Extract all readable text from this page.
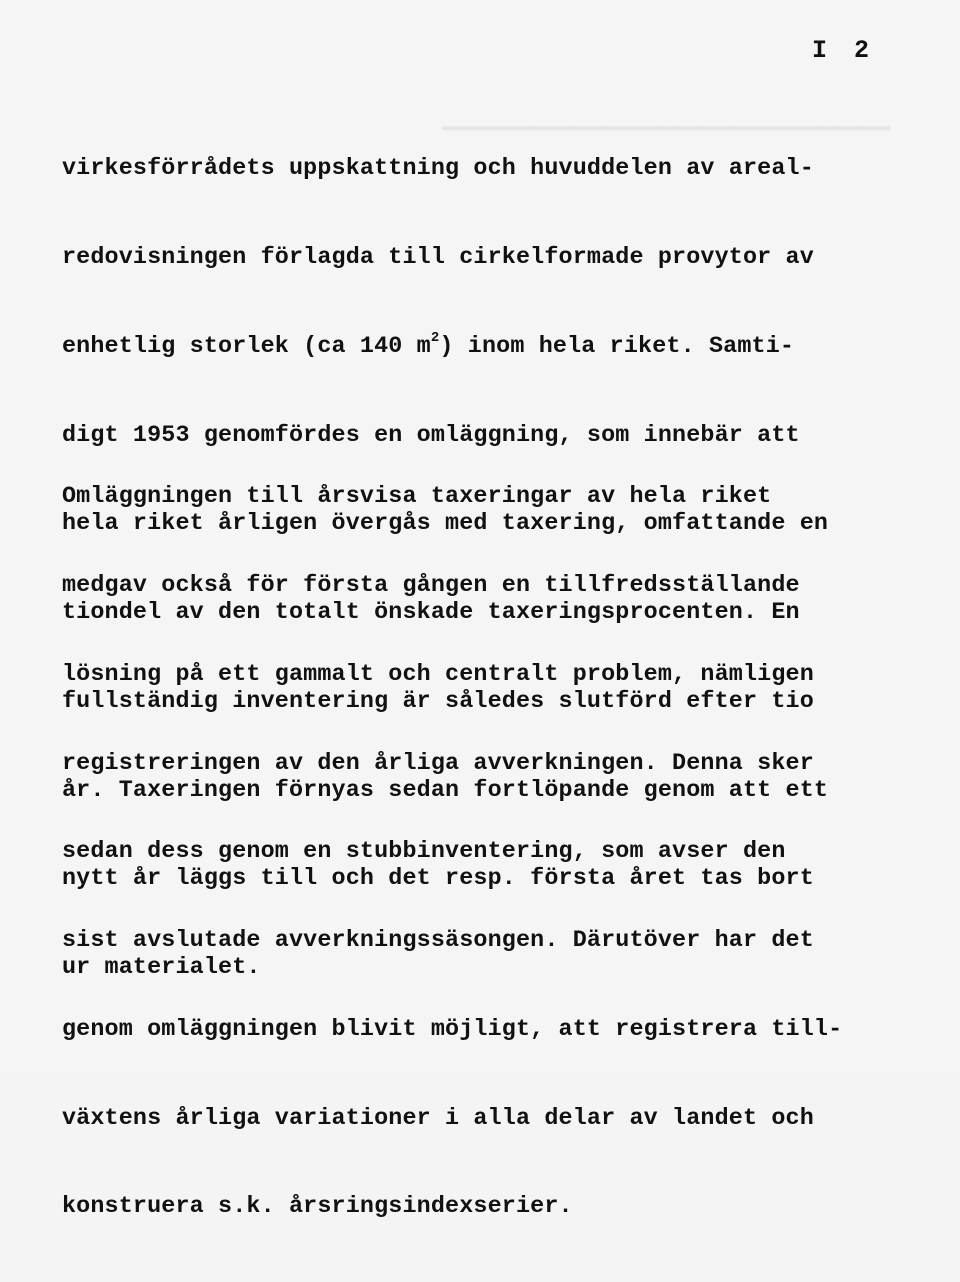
▁▁▁▁▁▁▁▁▁▁▁▁▁▁▁▁▁▁▁▁▁▁▁▁▁▁▁▁▁▁▁

I 2

virkesförrådets uppskattning och huvuddelen av areal-

redovisningen förlagda till cirkelformade provytor av

enhetlig storlek (ca 140 $m^2$) inom hela riket. Samti-

digt 1953 genomfördes en omläggning, som innebär att

hela riket årligen övergås med taxering, omfattande en

tiondel av den totalt önskade taxeringsprocenten. En

fullständig inventering är således slutförd efter tio

år. Taxeringen förnyas sedan fortlöpande genom att ett

nytt år läggs till och det resp. första året tas bort

ur materialet.

Omläggningen till årsvisa taxeringar av hela riket

medgav också för första gången en tillfredsställande

lösning på ett gammalt och centralt problem, nämligen

registreringen av den årliga avverkningen. Denna sker

sedan dess genom en stubbinventering, som avser den

sist avslutade avverkningssäsongen. Därutöver har det

genom omläggningen blivit möjligt, att registrera till-

växtens årliga variationer i alla delar av landet och

konstruera s.k. årsringsindexserier.
